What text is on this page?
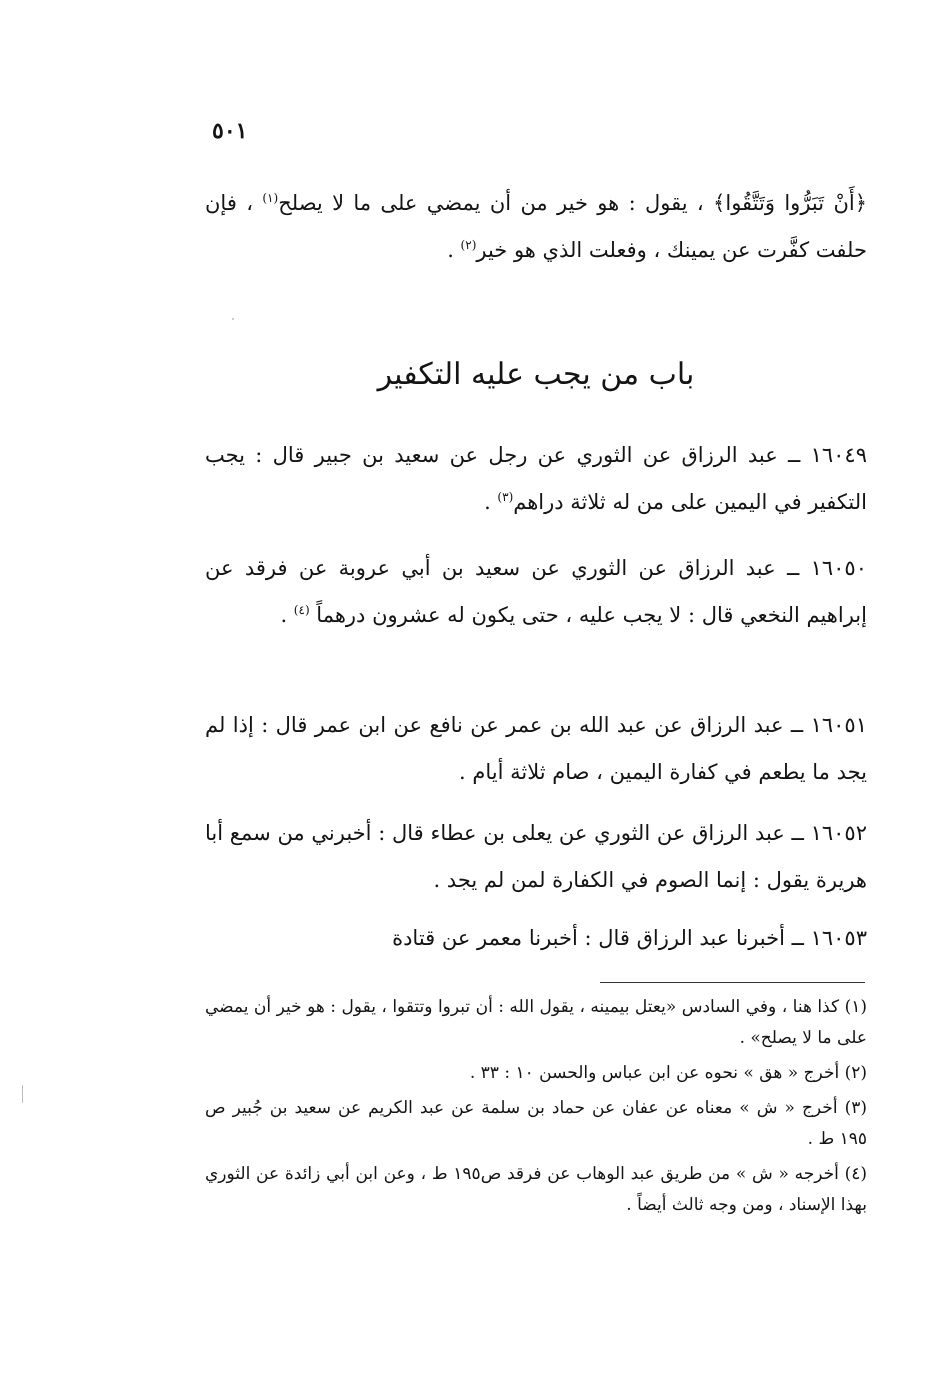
٥٠١

﴿أَنْ تَبَرُّوا وَتَتَّقُوا﴾ ، يقول : هو خير من أن يمضي على ما لا يصلح$^{(١)}$ ، فإن حلفت كفَّرت عن يمينك ، وفعلت الذي هو خير$^{(٢)}$ .

باب من يجب عليه التكفير
١٦٠٤٩ ــ عبد الرزاق عن الثوري عن رجل عن سعيد بن جبير قال : يجب التكفير في اليمين على من له ثلاثة دراهم$^{(٣)}$ .
١٦٠٥٠ ــ عبد الرزاق عن الثوري عن سعيد بن أبي عروبة عن فرقد عن إبراهيم النخعي قال : لا يجب عليه ، حتى يكون له عشرون درهماً $^{(٤)}$ .
١٦٠٥١ ــ عبد الرزاق عن عبد الله بن عمر عن نافع عن ابن عمر قال : إذا لم يجد ما يطعم في كفارة اليمين ، صام ثلاثة أيام .
١٦٠٥٢ ــ عبد الرزاق عن الثوري عن يعلى بن عطاء قال : أخبرني من سمع أبا هريرة يقول : إنما الصوم في الكفارة لمن لم يجد .
١٦٠٥٣ ــ أخبرنا عبد الرزاق قال : أخبرنا معمر عن قتادة

(١) كذا هنا ، وفي السادس «يعتل بيمينه ، يقول الله : أن تبروا وتتقوا ، يقول : هو خير أن يمضي على ما لا يصلح» .

(٢) أخرج « هق » نحوه عن ابن عباس والحسن ١٠ : ٣٣ .

(٣) أخرج « ش » معناه عن عفان عن حماد بن سلمة عن عبد الكريم عن سعيد بن جُبير ص ١٩٥ ط .

(٤) أخرجه « ش » من طريق عبد الوهاب عن فرقد ص١٩٥ ط ، وعن ابن أبي زائدة عن الثوري بهذا الإسناد ، ومن وجه ثالث أيضاً .
